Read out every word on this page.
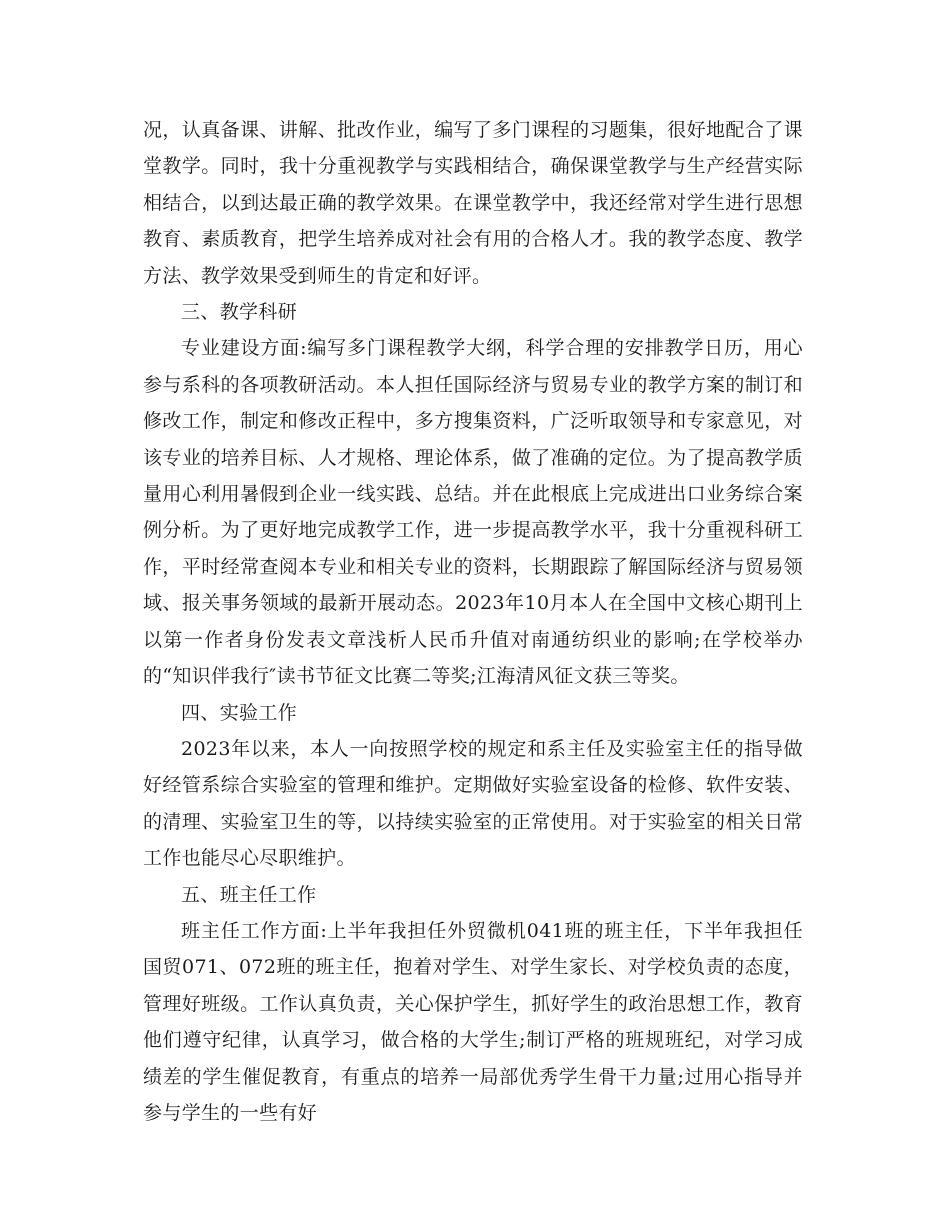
况，认真备课、讲解、批改作业，编写了多门课程的习题集，很好地配合了课堂教学。同时，我十分重视教学与实践相结合，确保课堂教学与生产经营实际相结合，以到达最正确的教学效果。在课堂教学中，我还经常对学生进行思想教育、素质教育，把学生培养成对社会有用的合格人才。我的教学态度、教学方法、教学效果受到师生的肯定和好评。

三、教学科研

专业建设方面:编写多门课程教学大纲，科学合理的安排教学日历，用心参与系科的各项教研活动。本人担任国际经济与贸易专业的教学方案的制订和修改工作，制定和修改正程中，多方搜集资料，广泛听取领导和专家意见，对该专业的培养目标、人才规格、理论体系，做了准确的定位。为了提高教学质量用心利用暑假到企业一线实践、总结。并在此根底上完成进出口业务综合案例分析。为了更好地完成教学工作，进一步提高教学水平，我十分重视科研工作，平时经常查阅本专业和相关专业的资料，长期跟踪了解国际经济与贸易领域、报关事务领域的最新开展动态。2023年10月本人在全国中文核心期刊上以第一作者身份发表文章浅析人民币升值对南通纺织业的影响;在学校举办的“知识伴我行″读书节征文比赛二等奖;江海清风征文获三等奖。

四、实验工作

2023年以来，本人一向按照学校的规定和系主任及实验室主任的指导做好经管系综合实验室的管理和维护。定期做好实验室设备的检修、软件安装、的清理、实验室卫生的等，以持续实验室的正常使用。对于实验室的相关日常工作也能尽心尽职维护。

五、班主任工作

班主任工作方面:上半年我担任外贸微机041班的班主任，下半年我担任国贸071、072班的班主任，抱着对学生、对学生家长、对学校负责的态度，管理好班级。工作认真负责，关心保护学生，抓好学生的政治思想工作，教育他们遵守纪律，认真学习，做合格的大学生;制订严格的班规班纪，对学习成绩差的学生催促教育，有重点的培养一局部优秀学生骨干力量;过用心指导并参与学生的一些有好
